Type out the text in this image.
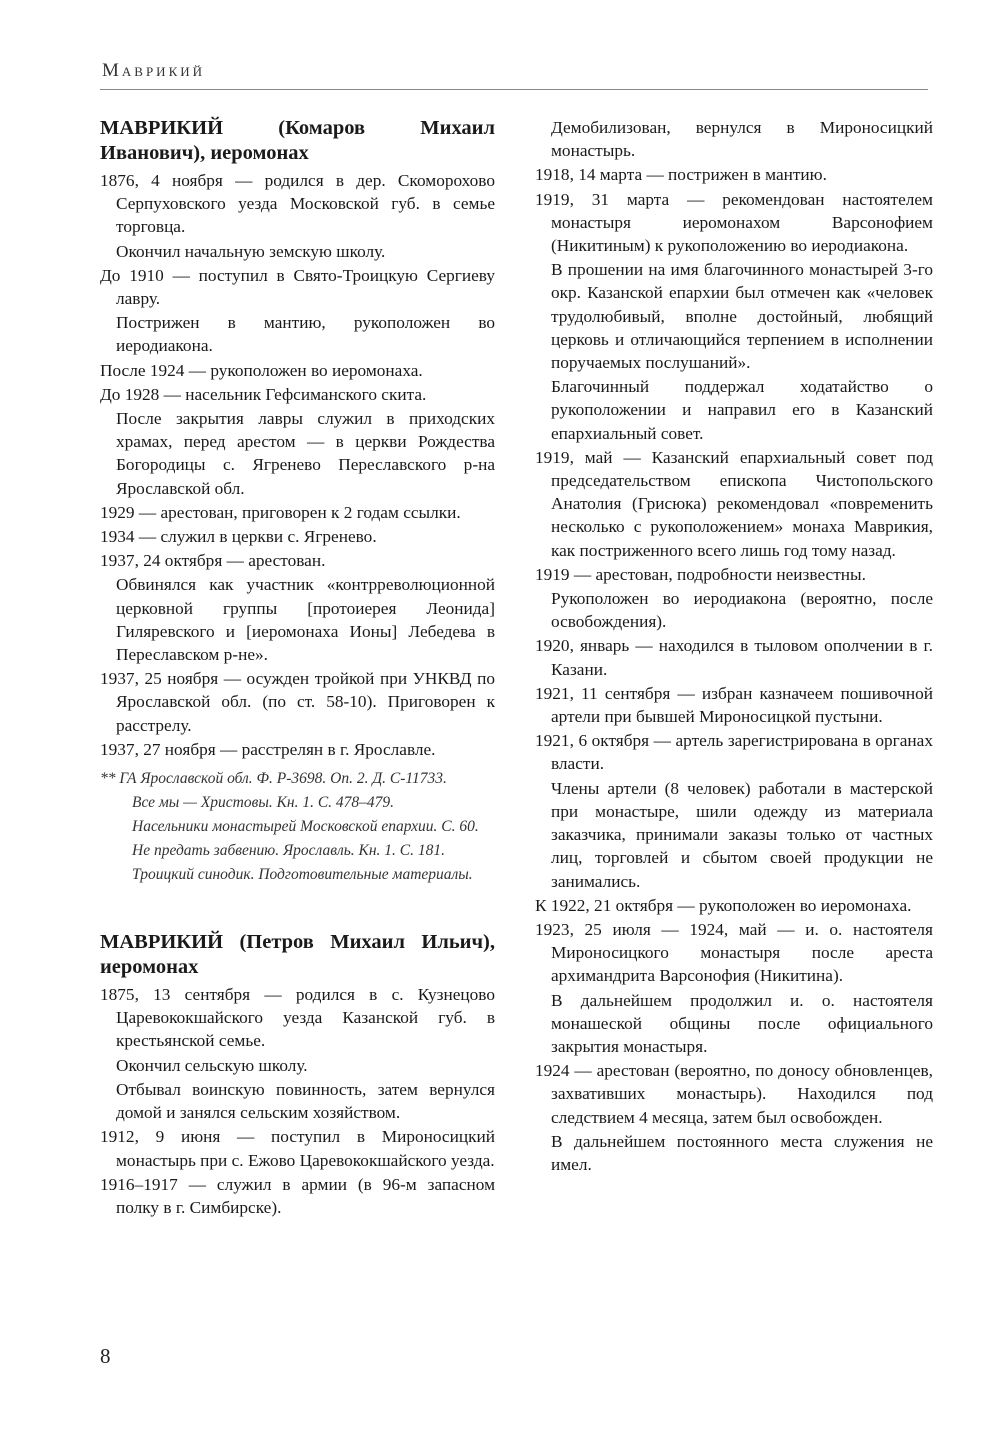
Маврикий
МАВРИКИЙ (Комаров Михаил Иванович), иеромонах
1876, 4 ноября — родился в дер. Скоморохово Серпуховского уезда Московской губ. в семье торговца.
Окончил начальную земскую школу.
До 1910 — поступил в Свято-Троицкую Сергиеву лавру.
Пострижен в мантию, рукоположен во иеродиакона.
После 1924 — рукоположен во иеромонаха.
До 1928 — насельник Гефсиманского скита.
После закрытия лавры служил в приходских храмах, перед арестом — в церкви Рождества Богородицы с. Ягренево Переславского р-на Ярославской обл.
1929 — арестован, приговорен к 2 годам ссылки.
1934 — служил в церкви с. Ягренево.
1937, 24 октября — арестован.
Обвинялся как участник «контрреволюционной церковной группы [протоиерея Леонида] Гиляревского и [иеромонаха Ионы] Лебедева в Переславском р-не».
1937, 25 ноября — осужден тройкой при УНКВД по Ярославской обл. (по ст. 58-10). Приговорен к расстрелу.
1937, 27 ноября — расстрелян в г. Ярославле.
** ГА Ярославской обл. Ф. Р-3698. Оп. 2. Д. С-11733.
Все мы — Христовы. Кн. 1. С. 478–479.
Насельники монастырей Московской епархии. С. 60.
Не предать забвению. Ярославль. Кн. 1. С. 181.
Троицкий синодик. Подготовительные материалы.
МАВРИКИЙ (Петров Михаил Ильич), иеромонах
1875, 13 сентября — родился в с. Кузнецово Царевококшайского уезда Казанской губ. в крестьянской семье.
Окончил сельскую школу.
Отбывал воинскую повинность, затем вернулся домой и занялся сельским хозяйством.
1912, 9 июня — поступил в Мироносицкий монастырь при с. Ежово Царевококшайского уезда.
1916–1917 — служил в армии (в 96-м запасном полку в г. Симбирске).
Демобилизован, вернулся в Мироносицкий монастырь.
1918, 14 марта — пострижен в мантию.
1919, 31 марта — рекомендован настоятелем монастыря иеромонахом Варсонофием (Никитиным) к рукоположению во иеродиакона.
В прошении на имя благочинного монастырей 3-го окр. Казанской епархии был отмечен как «человек трудолюбивый, вполне достойный, любящий церковь и отличающийся терпением в исполнении поручаемых послушаний».
Благочинный поддержал ходатайство о рукоположении и направил его в Казанский епархиальный совет.
1919, май — Казанский епархиальный совет под председательством епископа Чистопольского Анатолия (Грисюка) рекомендовал «повременить несколько с рукоположением» монаха Маврикия, как постриженного всего лишь год тому назад.
1919 — арестован, подробности неизвестны.
Рукоположен во иеродиакона (вероятно, после освобождения).
1920, январь — находился в тыловом ополчении в г. Казани.
1921, 11 сентября — избран казначеем пошивочной артели при бывшей Мироносицкой пустыни.
1921, 6 октября — артель зарегистрирована в органах власти.
Члены артели (8 человек) работали в мастерской при монастыре, шили одежду из материала заказчика, принимали заказы только от частных лиц, торговлей и сбытом своей продукции не занимались.
К 1922, 21 октября — рукоположен во иеромонаха.
1923, 25 июля — 1924, май — и. о. настоятеля Мироносицкого монастыря после ареста архимандрита Варсонофия (Никитина).
В дальнейшем продолжил и. о. настоятеля монашеской общины после официального закрытия монастыря.
1924 — арестован (вероятно, по доносу обновленцев, захвативших монастырь). Находился под следствием 4 месяца, затем был освобожден.
В дальнейшем постоянного места служения не имел.
8
